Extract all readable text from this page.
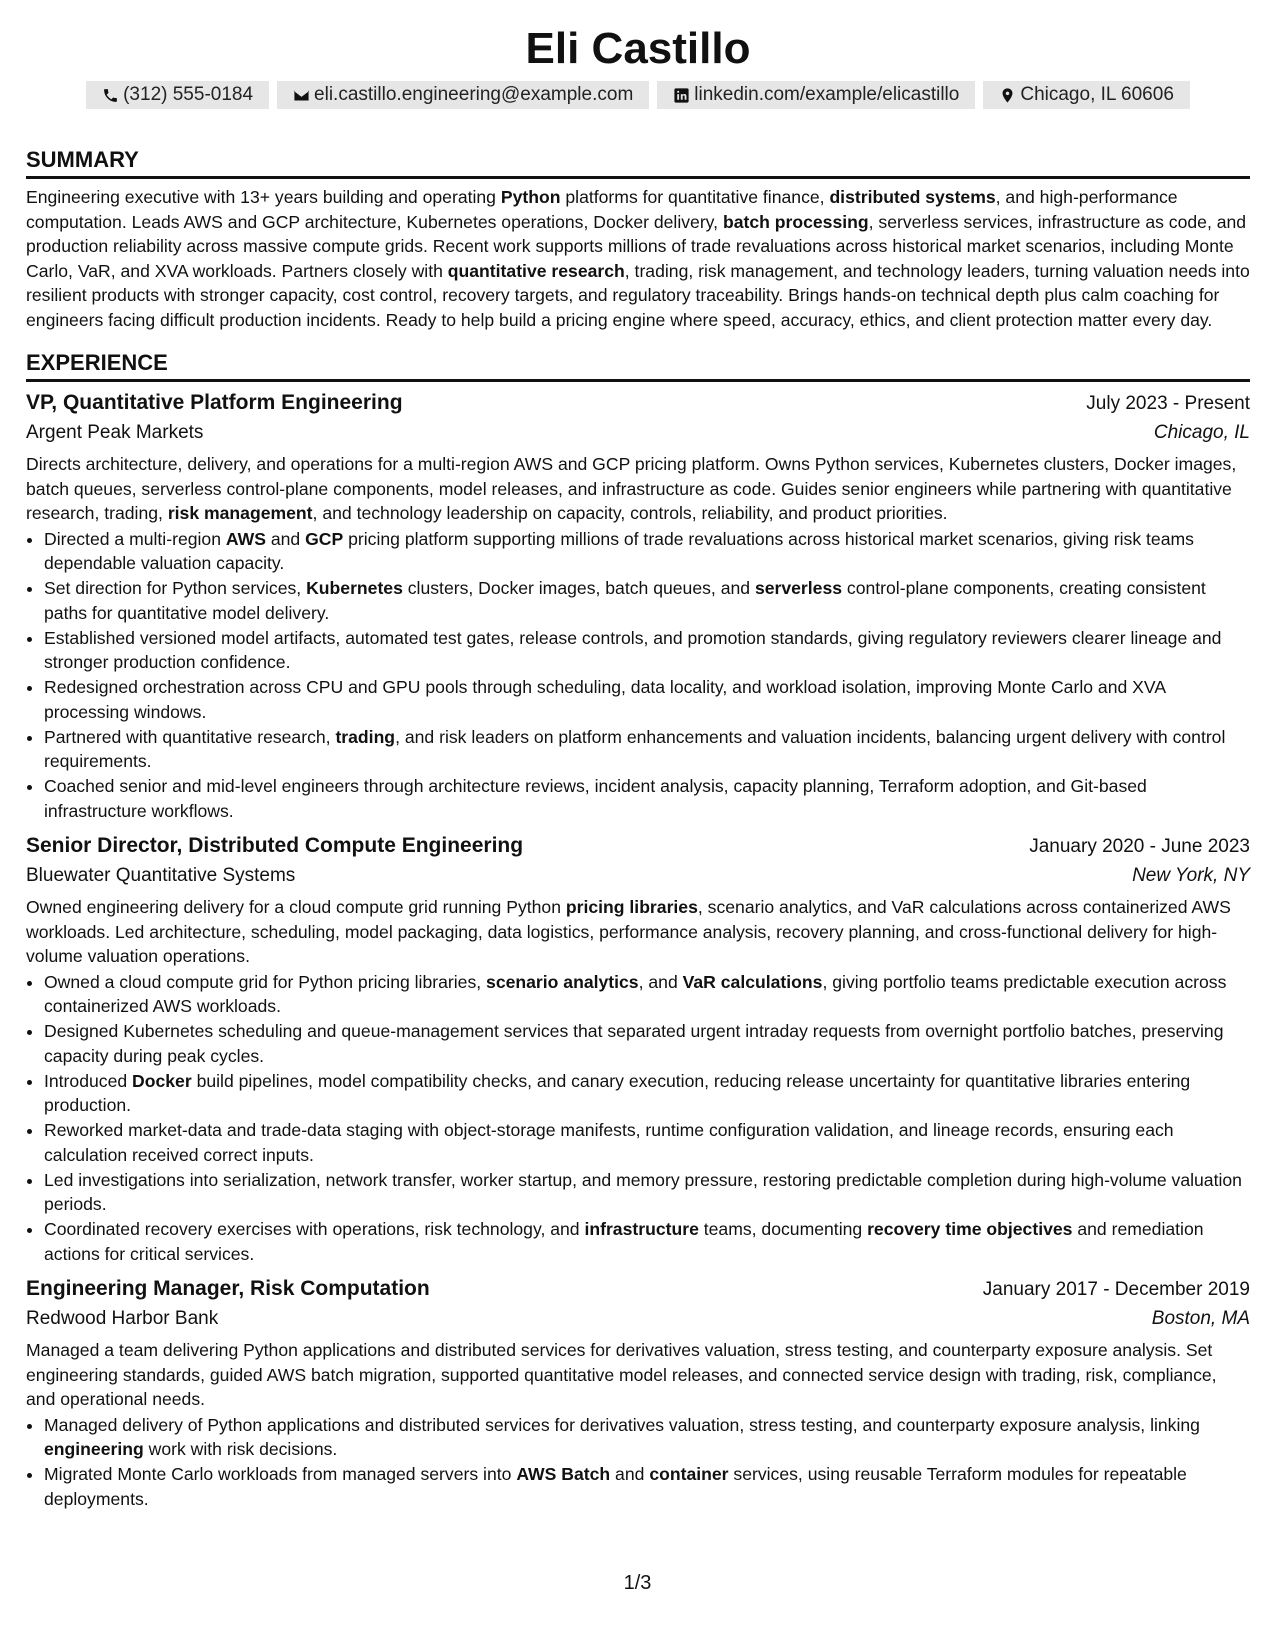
Eli Castillo
(312) 555-0184	eli.castillo.engineering@example.com	linkedin.com/example/elicastillo	Chicago, IL 60606
SUMMARY

Engineering executive with 13+ years building and operating Python platforms for quantitative finance, distributed systems, and high-performance computation. Leads AWS and GCP architecture, Kubernetes operations, Docker delivery, batch processing, serverless services, infrastructure as code, and production reliability across massive compute grids. Recent work supports millions of trade revaluations across historical market scenarios, including Monte Carlo, VaR, and XVA workloads. Partners closely with quantitative research, trading, risk management, and technology leaders, turning valuation needs into resilient products with stronger capacity, cost control, recovery targets, and regulatory traceability. Brings hands-on technical depth plus calm coaching for engineers facing difficult production incidents. Ready to help build a pricing engine where speed, accuracy, ethics, and client protection matter every day.

EXPERIENCE
VP, Quantitative Platform Engineering	July 2023 - Present
Argent Peak Markets	Chicago, IL

Directs architecture, delivery, and operations for a multi-region AWS and GCP pricing platform. Owns Python services, Kubernetes clusters, Docker images, batch queues, serverless control-plane components, model releases, and infrastructure as code. Guides senior engineers while partnering with quantitative research, trading, risk management, and technology leadership on capacity, controls, reliability, and product priorities.

• Directed a multi-region AWS and GCP pricing platform supporting millions of trade revaluations across historical market scenarios, giving risk teams dependable valuation capacity.
• Set direction for Python services, Kubernetes clusters, Docker images, batch queues, and serverless control-plane components, creating consistent paths for quantitative model delivery.
• Established versioned model artifacts, automated test gates, release controls, and promotion standards, giving regulatory reviewers clearer lineage and stronger production confidence.
• Redesigned orchestration across CPU and GPU pools through scheduling, data locality, and workload isolation, improving Monte Carlo and XVA processing windows.
• Partnered with quantitative research, trading, and risk leaders on platform enhancements and valuation incidents, balancing urgent delivery with control requirements.
• Coached senior and mid-level engineers through architecture reviews, incident analysis, capacity planning, Terraform adoption, and Git-based infrastructure workflows.
Senior Director, Distributed Compute Engineering	January 2020 - June 2023
Bluewater Quantitative Systems	New York, NY

Owned engineering delivery for a cloud compute grid running Python pricing libraries, scenario analytics, and VaR calculations across containerized AWS workloads. Led architecture, scheduling, model packaging, data logistics, performance analysis, recovery planning, and cross-functional delivery for high-volume valuation operations.

• Owned a cloud compute grid for Python pricing libraries, scenario analytics, and VaR calculations, giving portfolio teams predictable execution across containerized AWS workloads.
• Designed Kubernetes scheduling and queue-management services that separated urgent intraday requests from overnight portfolio batches, preserving capacity during peak cycles.
• Introduced Docker build pipelines, model compatibility checks, and canary execution, reducing release uncertainty for quantitative libraries entering production.
• Reworked market-data and trade-data staging with object-storage manifests, runtime configuration validation, and lineage records, ensuring each calculation received correct inputs.
• Led investigations into serialization, network transfer, worker startup, and memory pressure, restoring predictable completion during high-volume valuation periods.
• Coordinated recovery exercises with operations, risk technology, and infrastructure teams, documenting recovery time objectives and remediation actions for critical services.
Engineering Manager, Risk Computation	January 2017 - December 2019
Redwood Harbor Bank	Boston, MA

Managed a team delivering Python applications and distributed services for derivatives valuation, stress testing, and counterparty exposure analysis. Set engineering standards, guided AWS batch migration, supported quantitative model releases, and connected service design with trading, risk, compliance, and operational needs.

• Managed delivery of Python applications and distributed services for derivatives valuation, stress testing, and counterparty exposure analysis, linking engineering work with risk decisions.
• Migrated Monte Carlo workloads from managed servers into AWS Batch and container services, using reusable Terraform modules for repeatable deployments.
1/3
